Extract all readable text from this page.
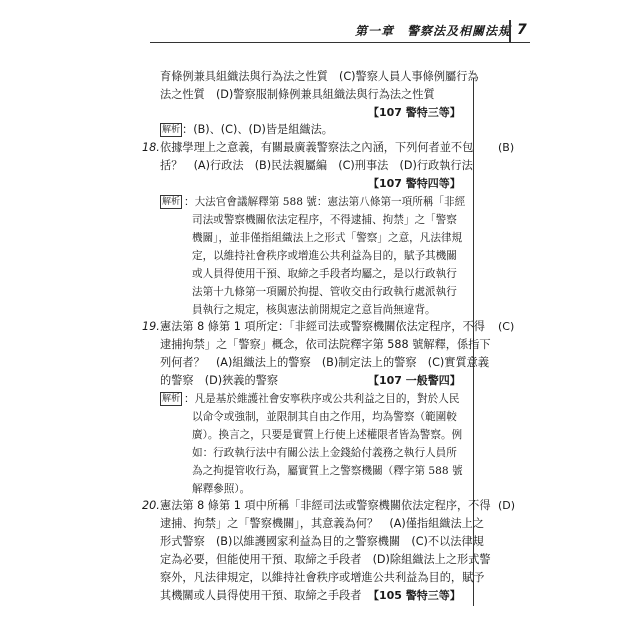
第一章　警察法及相關法規 7
育條例兼具組織法與行為法之性質　(C)警察人員人事條例屬行為
法之性質　(D)警察服制條例兼具組織法與行為法之性質
【107 警特三等】
解析 ：(B)、(C)、(D)皆是組織法。
18.	(B)
依據學理上之意義，有關最廣義警察法之內涵，下列何者並不包
括？　(A)行政法　(B)民法親屬編　(C)刑事法　(D)行政執行法
【107 警特四等】
解析 ：大法官會議解釋第 588 號：憲法第八條第一項所稱「非經
司法或警察機關依法定程序，不得逮捕、拘禁」之「警察
機關」，並非僅指組織法上之形式「警察」之意，凡法律規
定，以維持社會秩序或增進公共利益為目的，賦予其機關
或人員得使用干預、取締之手段者均屬之，是以行政執行
法第十九條第一項關於拘提、管收交由行政執行處派執行
員執行之規定，核與憲法前開規定之意旨尚無違背。
19.	(C)
憲法第 8 條第 1 項所定：「非經司法或警察機關依法定程序，不得
逮捕拘禁」之「警察」概念，依司法院釋字第 588 號解釋，係指下
列何者？　(A)組織法上的警察　(B)制定法上的警察　(C)實質意義
的警察　(D)狹義的警察	【107 一般警四】
解析 ：凡是基於維護社會安寧秩序或公共利益之目的，對於人民
以命令或強制，並限制其自由之作用，均為警察（範圍較
廣）。換言之，只要是實質上行使上述權限者皆為警察。例
如：行政執行法中有關公法上金錢給付義務之執行人員所
為之拘提管收行為，屬實質上之警察機關（釋字第 588 號
解釋參照）。
20.	(D)
憲法第 8 條第 1 項中所稱「非經司法或警察機關依法定程序，不得
逮捕、拘禁」之「警察機關」，其意義為何？　(A)僅指組織法上之
形式警察　(B)以維護國家利益為目的之警察機關　(C)不以法律規
定為必要，但能使用干預、取締之手段者　(D)除組織法上之形式警
察外，凡法律規定，以維持社會秩序或增進公共利益為目的，賦予
其機關或人員得使用干預、取締之手段者 【105 警特三等】
